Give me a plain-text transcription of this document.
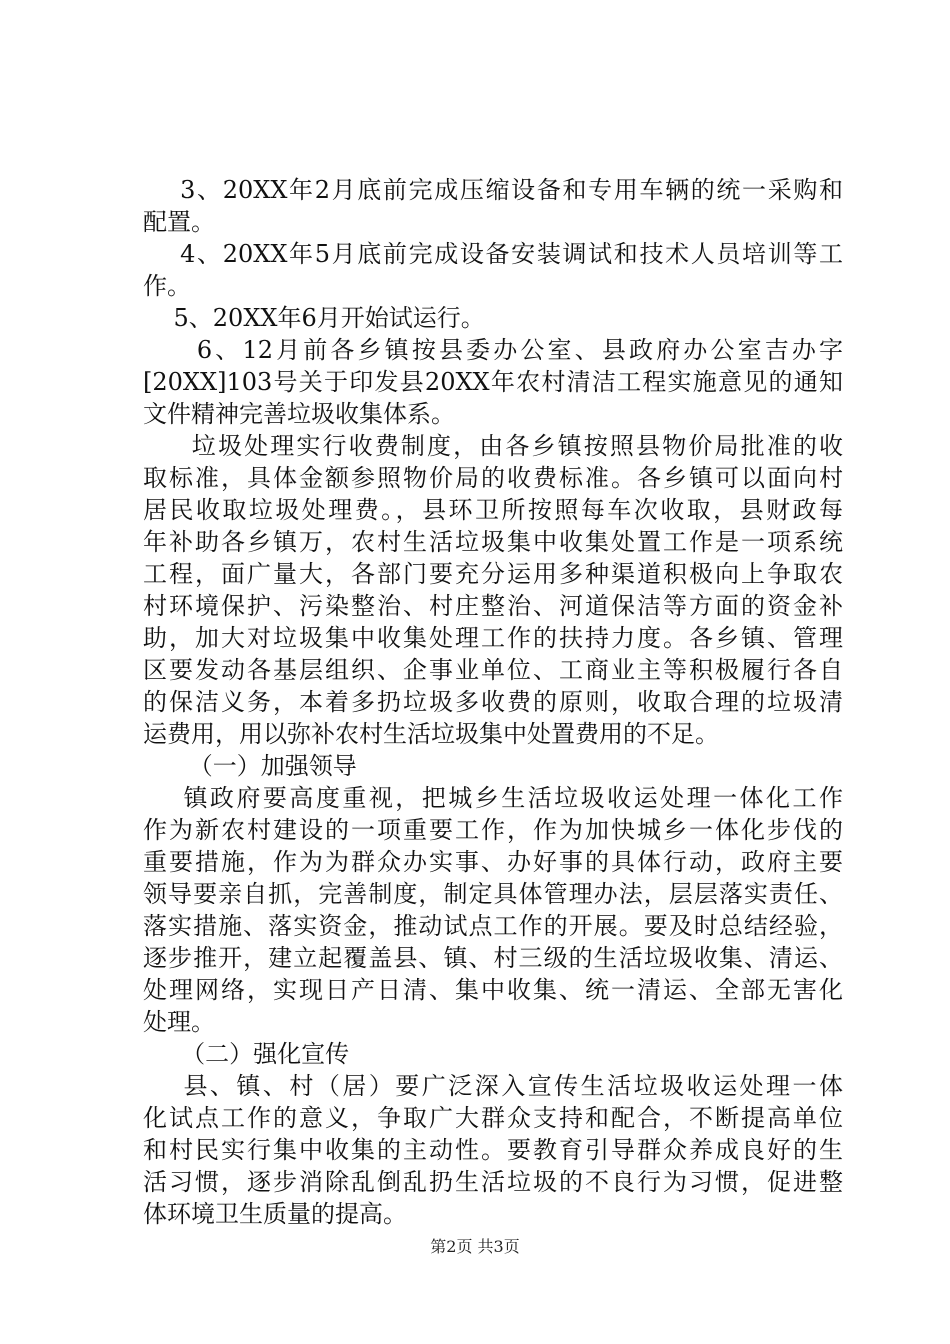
3、20XX年2月底前完成压缩设备和专用车辆的统一采购和
配置。
4、20XX年5月底前完成设备安装调试和技术人员培训等工
作。
5、20XX年6月开始试运行。
6、12月前各乡镇按县委办公室、县政府办公室吉办字
[20XX]103号关于印发县20XX年农村清洁工程实施意见的通知
文件精神完善垃圾收集体系。
垃圾处理实行收费制度，由各乡镇按照县物价局批准的收
取标准，具体金额参照物价局的收费标准。各乡镇可以面向村
居民收取垃圾处理费。，县环卫所按照每车次收取，县财政每
年补助各乡镇万，农村生活垃圾集中收集处置工作是一项系统
工程，面广量大，各部门要充分运用多种渠道积极向上争取农
村环境保护、污染整治、村庄整治、河道保洁等方面的资金补
助，加大对垃圾集中收集处理工作的扶持力度。各乡镇、管理
区要发动各基层组织、企事业单位、工商业主等积极履行各自
的保洁义务，本着多扔垃圾多收费的原则，收取合理的垃圾清
运费用，用以弥补农村生活垃圾集中处置费用的不足。
（一）加强领导
镇政府要高度重视，把城乡生活垃圾收运处理一体化工作
作为新农村建设的一项重要工作，作为加快城乡一体化步伐的
重要措施，作为为群众办实事、办好事的具体行动，政府主要
领导要亲自抓，完善制度，制定具体管理办法，层层落实责任、
落实措施、落实资金，推动试点工作的开展。要及时总结经验，
逐步推开，建立起覆盖县、镇、村三级的生活垃圾收集、清运、
处理网络，实现日产日清、集中收集、统一清运、全部无害化
处理。
（二）强化宣传
县、镇、村（居）要广泛深入宣传生活垃圾收运处理一体
化试点工作的意义，争取广大群众支持和配合，不断提高单位
和村民实行集中收集的主动性。要教育引导群众养成良好的生
活习惯，逐步消除乱倒乱扔生活垃圾的不良行为习惯，促进整
体环境卫生质量的提高。
第2页 共3页
